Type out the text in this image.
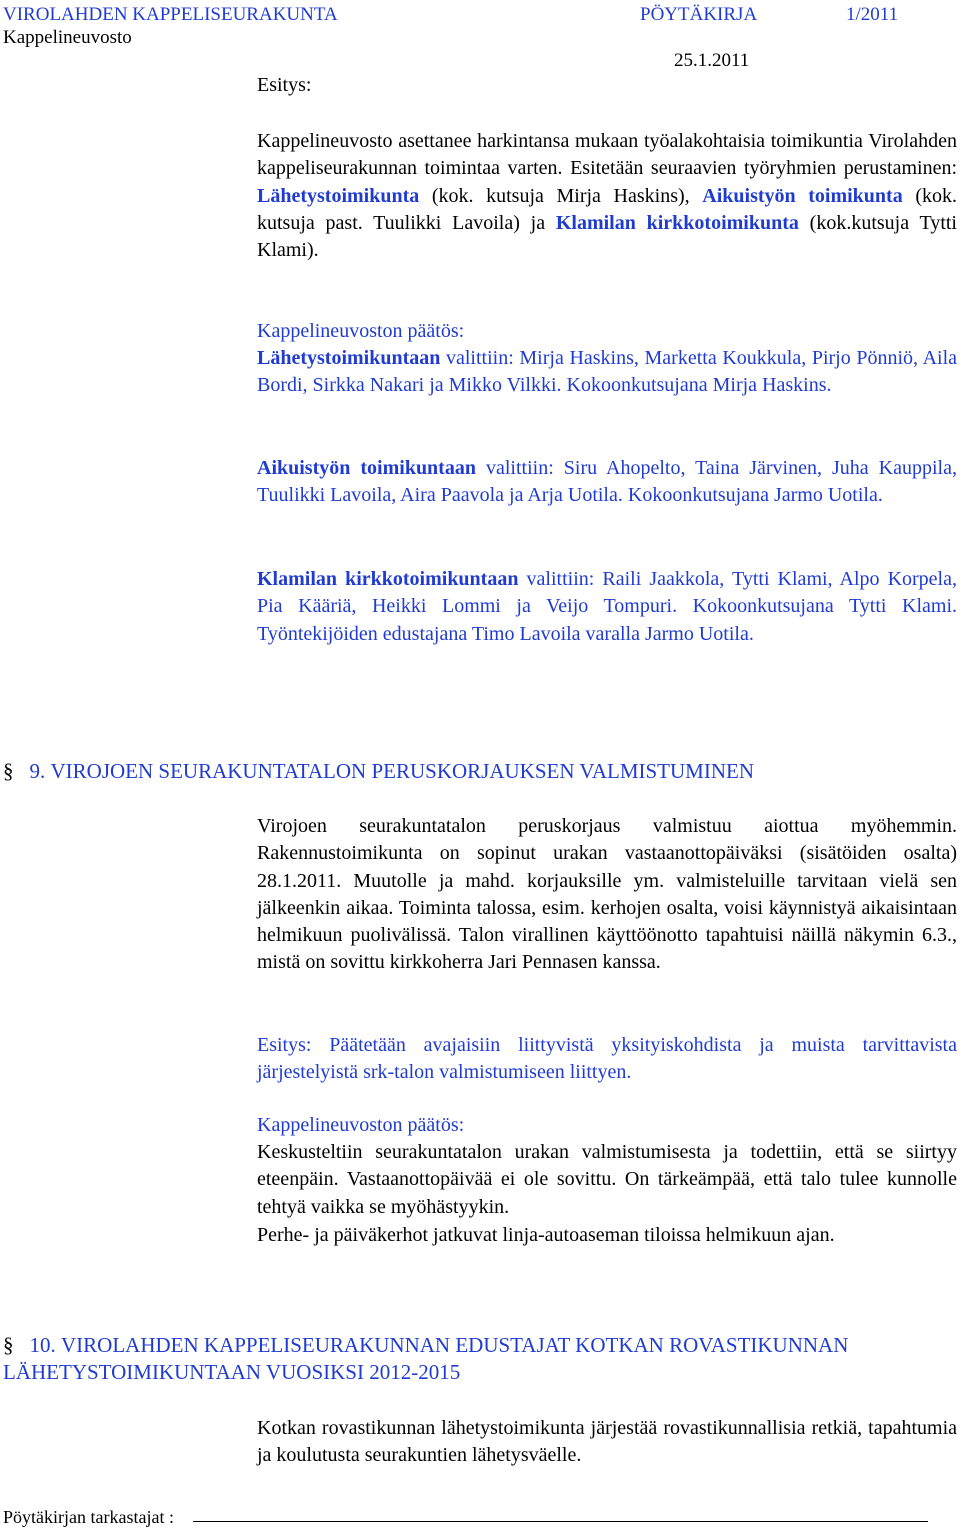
VIROLAHDEN KAPPELISEURAKUNTA	PÖYTÄKIRJA	1/2011
Kappelineuvosto
25.1.2011
Esitys:
Kappelineuvosto asettanee harkintansa mukaan työalakohtaisia toimikuntia Virolahden kappeliseurakunnan toimintaa varten. Esitetään seuraavien työryhmien perustaminen: Lähetystoimikunta (kok. kutsuja Mirja Haskins), Aikuistyön toimikunta (kok. kutsuja past. Tuulikki Lavoila) ja Klamilan kirkkotoimikunta (kok.kutsuja Tytti Klami).
Kappelineuvoston päätös:
Lähetystoimikuntaan valittiin: Mirja Haskins, Marketta Koukkula, Pirjo Pönniö, Aila Bordi, Sirkka Nakari ja Mikko Vilkki. Kokoonkutsujana Mirja Haskins.
Aikuistyön toimikuntaan valittiin: Siru Ahopelto, Taina Järvinen, Juha Kauppila, Tuulikki Lavoila, Aira Paavola ja Arja Uotila. Kokoonkutsujana Jarmo Uotila.
Klamilan kirkkotoimikuntaan valittiin: Raili Jaakkola, Tytti Klami, Alpo Korpela, Pia Kääriä, Heikki Lommi ja Veijo Tompuri. Kokoonkutsujana Tytti Klami. Työntekijöiden edustajana Timo Lavoila varalla Jarmo Uotila.
§ 9. VIROJOEN SEURAKUNTATALON PERUSKORJAUKSEN VALMISTUMINEN
Virojoen seurakuntatalon peruskorjaus valmistuu aiottua myöhemmin. Rakennustoimikunta on sopinut urakan vastaanottopäiväksi (sisätöiden osalta) 28.1.2011. Muutolle ja mahd. korjauksille ym. valmisteluille tarvitaan vielä sen jälkeenkin aikaa. Toiminta talossa, esim. kerhojen osalta, voisi käynnistyä aikaisintaan helmikuun puolivälissä. Talon virallinen käyttöönotto tapahtuisi näillä näkymin 6.3., mistä on sovittu kirkkoherra Jari Pennasen kanssa.
Esitys: Päätetään avajaisiin liittyvistä yksityiskohdista ja muista tarvittavista järjestelyistä srk-talon valmistumiseen liittyen.
Kappelineuvoston päätös:
Keskusteltiin seurakuntatalon urakan valmistumisesta ja todettiin, että se siirtyy eteenpäin. Vastaanottopäivää ei ole sovittu. On tärkeämpää, että talo tulee kunnolle tehtyä vaikka se myöhästyykin.
Perhe- ja päiväkerhot jatkuvat linja-autoaseman tiloissa helmikuun ajan.
§ 10. VIROLAHDEN KAPPELISEURAKUNNAN EDUSTAJAT KOTKAN ROVASTIKUNNAN
LÄHETYSTOIMIKUNTAAN VUOSIKSI 2012-2015
Kotkan rovastikunnan lähetystoimikunta järjestää rovastikunnallisia retkiä, tapahtumia ja koulutusta seurakuntien lähetysväelle.
Pöytäkirjan tarkastajat :
